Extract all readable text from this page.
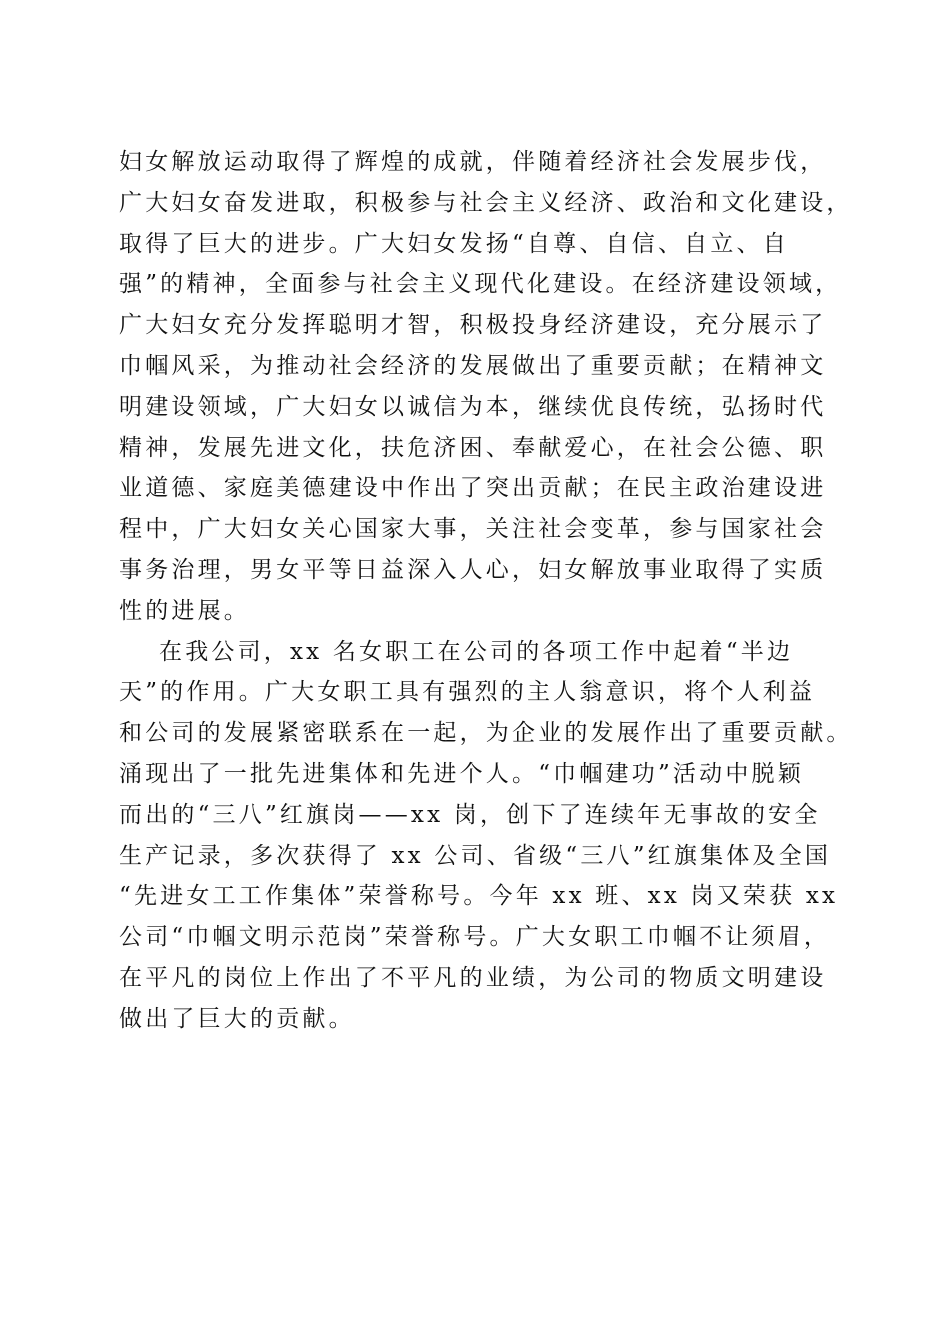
妇女解放运动取得了辉煌的成就，伴随着经济社会发展步伐，
广大妇女奋发进取，积极参与社会主义经济、政治和文化建设，
取得了巨大的进步。广大妇女发扬“自尊、自信、自立、自
强”的精神，全面参与社会主义现代化建设。在经济建设领域，
广大妇女充分发挥聪明才智，积极投身经济建设，充分展示了
巾帼风采，为推动社会经济的发展做出了重要贡献；在精神文
明建设领域，广大妇女以诚信为本，继续优良传统，弘扬时代
精神，发展先进文化，扶危济困、奉献爱心，在社会公德、职
业道德、家庭美德建设中作出了突出贡献；在民主政治建设进
程中，广大妇女关心国家大事，关注社会变革，参与国家社会
事务治理，男女平等日益深入人心，妇女解放事业取得了实质
性的进展。

在我公司，xx 名女职工在公司的各项工作中起着“半边
天”的作用。广大女职工具有强烈的主人翁意识，将个人利益
和公司的发展紧密联系在一起，为企业的发展作出了重要贡献。
涌现出了一批先进集体和先进个人。“巾帼建功”活动中脱颖
而出的“三八”红旗岗——xx 岗，创下了连续年无事故的安全
生产记录，多次获得了 xx 公司、省级“三八”红旗集体及全国
“先进女工工作集体”荣誉称号。今年 xx 班、xx 岗又荣获 xx
公司“巾帼文明示范岗”荣誉称号。广大女职工巾帼不让须眉，
在平凡的岗位上作出了不平凡的业绩，为公司的物质文明建设
做出了巨大的贡献。
